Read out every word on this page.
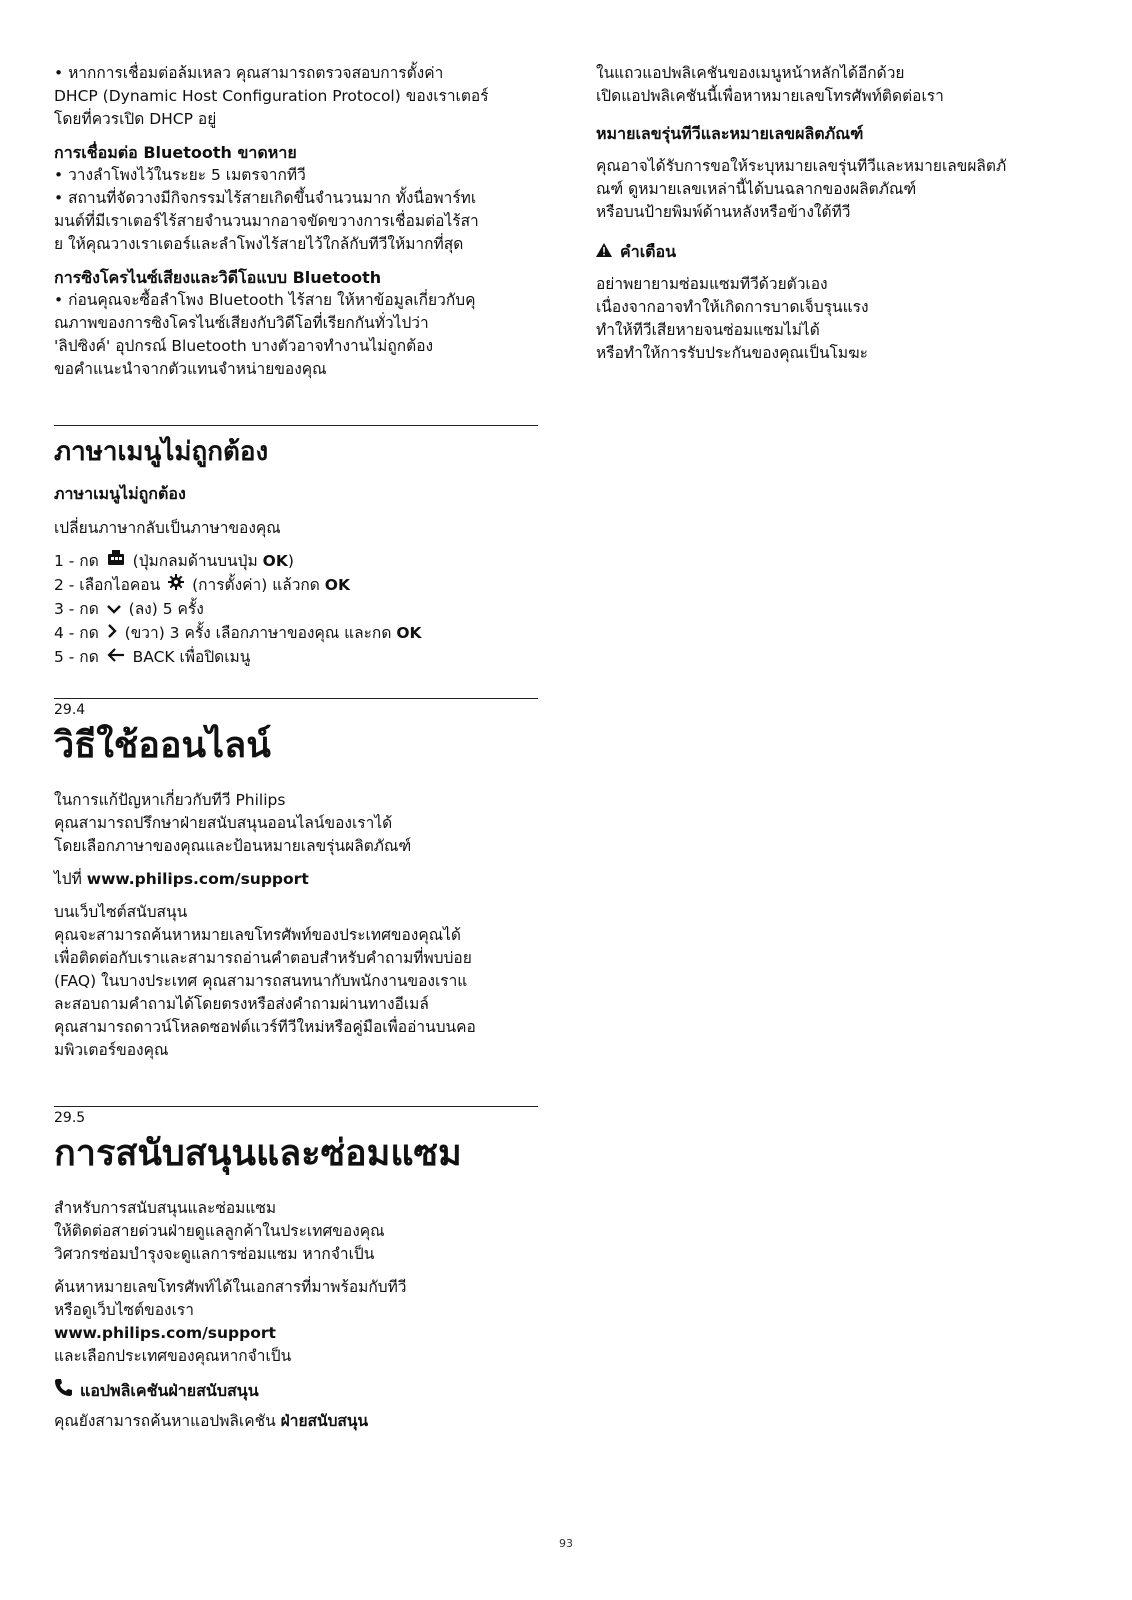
• หากการเชื่อมต่อล้มเหลว คุณสามารถตรวจสอบการตั้งค่า
DHCP (Dynamic Host Configuration Protocol) ของเราเตอร์
โดยที่ควรเปิด DHCP อยู่

การเชื่อมต่อ Bluetooth ขาดหาย

• วางลำโพงไว้ในระยะ 5 เมตรจากทีวี
• สถานที่จัดวางมีกิจกรรมไร้สายเกิดขึ้นจำนวนมาก ทั้งนื่อพาร์ทเ
มนต์ที่มีเราเตอร์ไร้สายจำนวนมากอาจขัดขวางการเชื่อมต่อไร้สา
ย ให้คุณวางเราเตอร์และลำโพงไร้สายไว้ใกล้กับทีวีให้มากที่สุด

การซิงโครไนซ์เสียงและวิดีโอแบบ Bluetooth

• ก่อนคุณจะซื้อลำโพง Bluetooth ไร้สาย ให้หาข้อมูลเกี่ยวกับคุ
ณภาพของการซิงโครไนซ์เสียงกับวิดีโอที่เรียกกันทั่วไปว่า
'ลิปซิงค์' อุปกรณ์ Bluetooth บางตัวอาจทำงานไม่ถูกต้อง
ขอคำแนะนำจากตัวแทนจำหน่ายของคุณ

ภาษาเมนูไม่ถูกต้อง

ภาษาเมนูไม่ถูกต้อง

เปลี่ยนภาษากลับเป็นภาษาของคุณ

1 - กด (ปุ่มกลมด้านบนปุ่ม OK)
2 - เลือกไอคอน (การตั้งค่า) แล้วกด OK
3 - กด (ลง) 5 ครั้ง
4 - กด (ขวา) 3 ครั้ง เลือกภาษาของคุณ และกด OK
5 - กด BACK เพื่อปิดเมนู
29.4
วิธีใช้ออนไลน์

ในการแก้ปัญหาเกี่ยวกับทีวี Philips
คุณสามารถปรึกษาฝ่ายสนับสนุนออนไลน์ของเราได้
โดยเลือกภาษาของคุณและป้อนหมายเลขรุ่นผลิตภัณฑ์

ไปที่ www.philips.com/support

บนเว็บไซต์สนับสนุน
คุณจะสามารถค้นหาหมายเลขโทรศัพท์ของประเทศของคุณได้
เพื่อติดต่อกับเราและสามารถอ่านคำตอบสำหรับคำถามที่พบบ่อย
(FAQ) ในบางประเทศ คุณสามารถสนทนากับพนักงานของเราแ
ละสอบถามคำถามได้โดยตรงหรือส่งคำถามผ่านทางอีเมล์
คุณสามารถดาวน์โหลดซอฟต์แวร์ทีวีใหม่หรือคู่มือเพื่ออ่านบนคอ
มพิวเตอร์ของคุณ

29.5
การสนับสนุนและซ่อมแซม

สำหรับการสนับสนุนและซ่อมแซม
ให้ติดต่อสายด่วนฝ่ายดูแลลูกค้าในประเทศของคุณ
วิศวกรซ่อมบำรุงจะดูแลการซ่อมแซม หากจำเป็น

ค้นหาหมายเลขโทรศัพท์ได้ในเอกสารที่มาพร้อมกับทีวี
หรือดูเว็บไซต์ของเรา
www.philips.com/support
และเลือกประเทศของคุณหากจำเป็น

แอปพลิเคชันฝ่ายสนับสนุน

คุณยังสามารถค้นหาแอปพลิเคชัน ฝ่ายสนับสนุน

ในแถวแอปพลิเคชันของเมนูหน้าหลักได้อีกด้วย
เปิดแอปพลิเคชันนี้เพื่อหาหมายเลขโทรศัพท์ติดต่อเรา

หมายเลขรุ่นทีวีและหมายเลขผลิตภัณฑ์

คุณอาจได้รับการขอให้ระบุหมายเลขรุ่นทีวีและหมายเลขผลิตภั
ณฑ์ ดูหมายเลขเหล่านี้ได้บนฉลากของผลิตภัณฑ์
หรือบนป้ายพิมพ์ด้านหลังหรือข้างใต้ทีวี

คำเตือน

อย่าพยายามซ่อมแซมทีวีด้วยตัวเอง
เนื่องจากอาจทำให้เกิดการบาดเจ็บรุนแรง
ทำให้ทีวีเสียหายจนซ่อมแซมไม่ได้
หรือทำให้การรับประกันของคุณเป็นโมฆะ

93
